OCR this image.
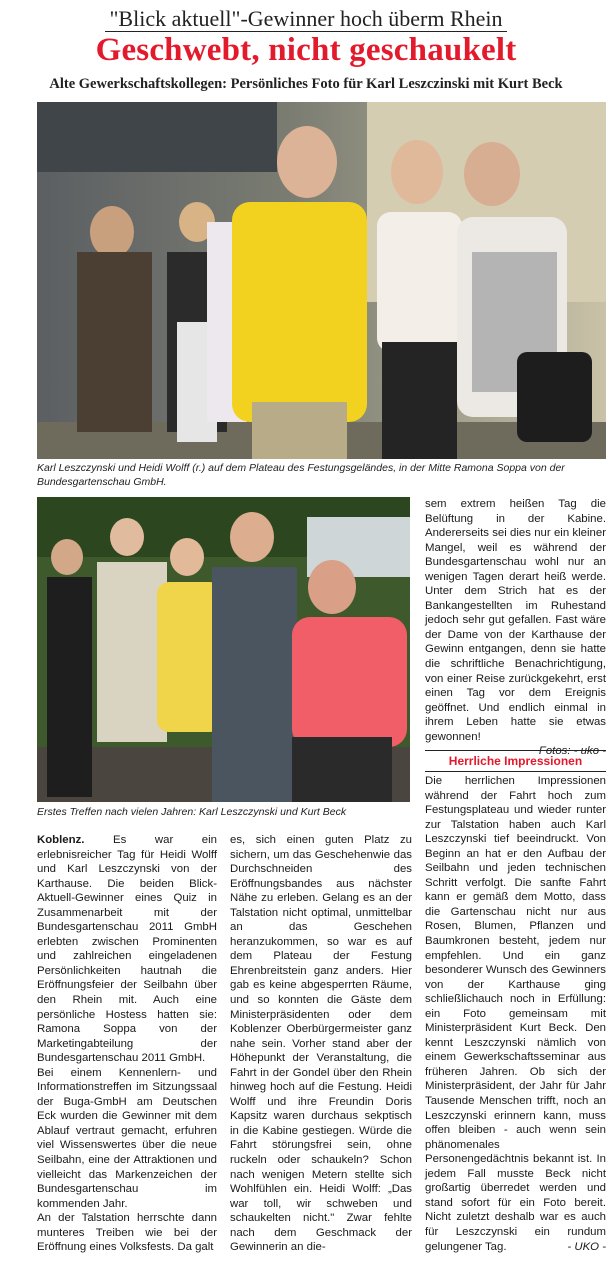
"Blick aktuell"-Gewinner hoch überm Rhein
Geschwebt, nicht geschaukelt
Alte Gewerkschaftskollegen: Persönliches Foto für Karl Leszczinski mit Kurt Beck
Karl Leszczynski und Heidi Wolff (r.) auf dem Plateau des Festungsgeländes, in der Mitte Ramona Soppa von der Bundesgartenschau GmbH.
Erstes Treffen nach vielen Jahren: Karl Leszczynski und Kurt Beck

sem extrem heißen Tag die Belüftung in der Kabine. Andererseits sei dies nur ein kleiner Mangel, weil es während der Bundesgartenschau wohl nur an wenigen Tagen derart heiß werde. Unter dem Strich hat es der Bankangestellten im Ruhestand jedoch sehr gut gefallen. Fast wäre der Dame von der Karthause der Gewinn entgangen, denn sie hatte die schriftliche Benachrichtigung, von einer Reise zurückgekehrt, erst einen Tag vor dem Ereignis geöffnet. Und endlich einmal in ihrem Leben hatte sie etwas gewonnen!

Fotos: - uko -

Herrliche Impressionen

Die herrlichen Impressionen während der Fahrt hoch zum Festungsplateau und wieder runter zur Talstation haben auch Karl Leszczynski tief beeindruckt. Von Beginn an hat er den Aufbau der Seilbahn und jeden technischen Schritt verfolgt. Die sanfte Fahrt kann er gemäß dem Motto, dass die Gartenschau nicht nur aus Rosen, Blumen, Pflanzen und Baumkronen besteht, jedem nur empfehlen. Und ein ganz besonderer Wunsch des Gewinners von der Karthause ging schließlichauch noch in Erfüllung: ein Foto gemeinsam mit Ministerpräsident Kurt Beck. Den kennt Leszczynski nämlich von einem Gewerkschaftsseminar aus früheren Jahren. Ob sich der Ministerpräsident, der Jahr für Jahr Tausende Menschen trifft, noch an Leszczynski erinnern kann, muss offen bleiben - auch wenn sein phänomenales Personengedächtnis bekannt ist. In jedem Fall musste Beck nicht großartig überredet werden und stand sofort für ein Foto bereit. Nicht zuletzt deshalb war es auch für Leszczynski ein rundum gelungener Tag.	- UKO -

Koblenz. Es war ein erlebnisreicher Tag für Heidi Wolff und Karl Leszczynski von der Karthause. Die beiden Blick-Aktuell-Gewinner eines Quiz in Zusammenarbeit mit der Bundesgartenschau 2011 GmbH erlebten zwischen Prominenten und zahlreichen eingeladenen Persönlichkeiten hautnah die Eröffnungsfeier der Seilbahn über den Rhein mit. Auch eine persönliche Hostess hatten sie: Ramona Soppa von der Marketingabteilung der Bundesgartenschau 2011 GmbH.

Bei einem Kennenlern- und Informationstreffen im Sitzungssaal der Buga-GmbH am Deutschen Eck wurden die Gewinner mit dem Ablauf vertraut gemacht, erfuhren viel Wissenswertes über die neue Seilbahn, eine der Attraktionen und vielleicht das Markenzeichen der Bundesgartenschau im kommenden Jahr.

An der Talstation herrschte dann munteres Treiben wie bei der Eröffnung eines Volksfests. Da galt

es, sich einen guten Platz zu sichern, um das Geschehenwie das Durchschneiden des Eröffnungsbandes aus nächster Nähe zu erleben. Gelang es an der Talstation nicht optimal, unmittelbar an das Geschehen heranzukommen, so war es auf dem Plateau der Festung Ehrenbreitstein ganz anders. Hier gab es keine abgesperrten Räume, und so konnten die Gäste dem Ministerpräsidenten oder dem Koblenzer Oberbürgermeister ganz nahe sein. Vorher stand aber der Höhepunkt der Veranstaltung, die Fahrt in der Gondel über den Rhein hinweg hoch auf die Festung. Heidi Wolff und ihre Freundin Doris Kapsitz waren durchaus sekptisch in die Kabine gestiegen. Würde die Fahrt störungsfrei sein, ohne ruckeln oder schaukeln? Schon nach wenigen Metern stellte sich Wohlfühlen ein. Heidi Wolff: „Das war toll, wir schweben und schaukelten nicht." Zwar fehlte nach dem Geschmack der Gewinnerin an die-
